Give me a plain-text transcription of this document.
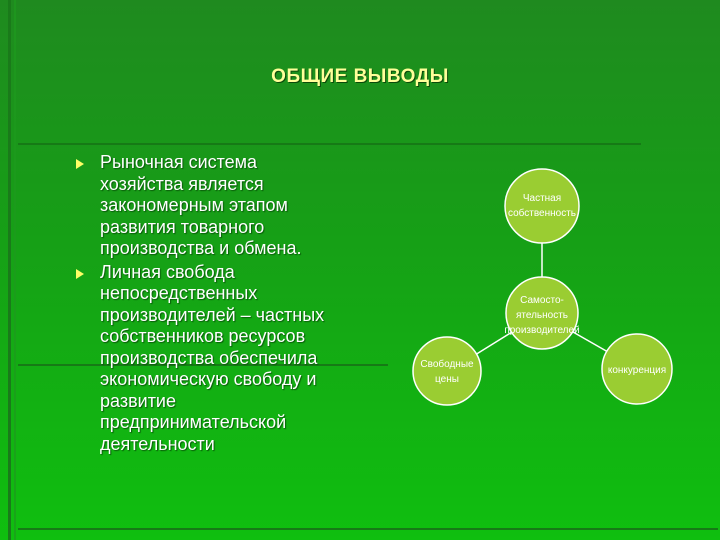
ОБЩИЕ ВЫВОДЫ
Рыночная система
хозяйства является
закономерным этапом
развития товарного
производства и обмена.
Личная свобода
непосредственных
производителей – частных
собственников ресурсов
производства обеспечила
экономическую свободу и
развитие
предпринимательской
деятельности
Частная
собственность
Самосто-
ятельность
производителей
Свободные
цены
конкуренция
